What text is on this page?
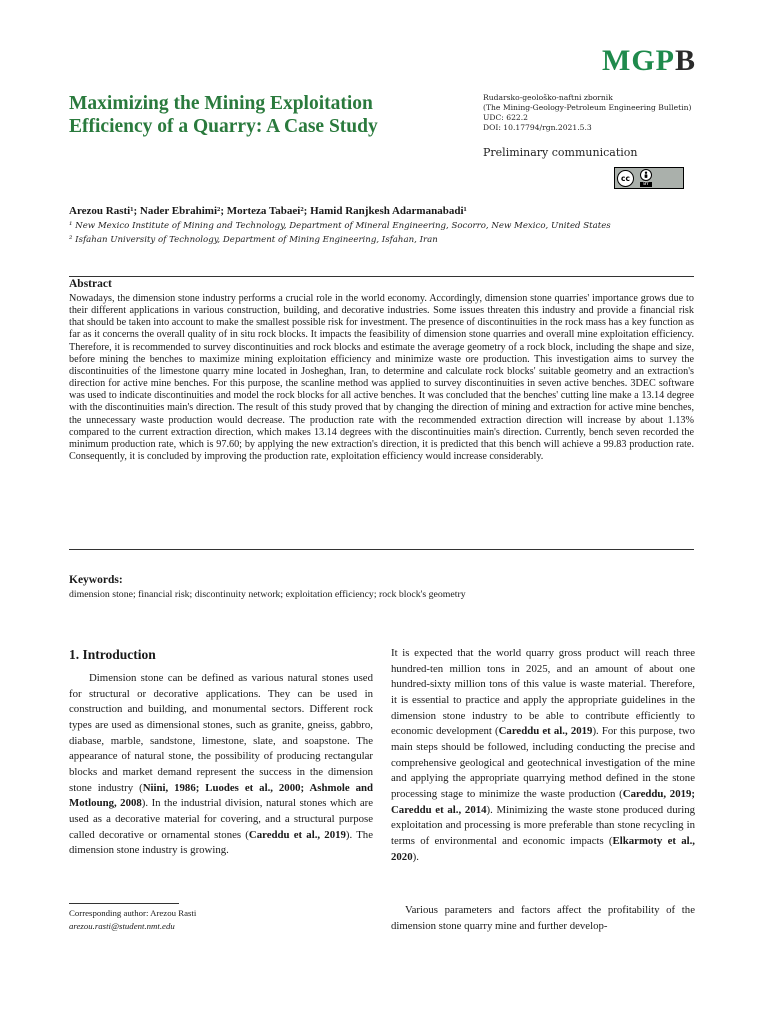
MGPB
Maximizing the Mining Exploitation
Efficiency of a Quarry: A Case Study
Rudarsko-geološko-naftni zbornik
(The Mining-Geology-Petroleum Engineering Bulletin)
UDC: 622.2
DOI: 10.17794/rgn.2021.5.3
Preliminary communication
cc
BY
Arezou Rasti¹; Nader Ebrahimi²; Morteza Tabaei²; Hamid Ranjkesh Adarmanabadi¹
¹ New Mexico Institute of Mining and Technology, Department of Mineral Engineering, Socorro, New Mexico, United States
² Isfahan University of Technology, Department of Mining Engineering, Isfahan, Iran
Abstract

Nowadays, the dimension stone industry performs a crucial role in the world economy. Accordingly, dimension stone quarries' importance grows due to their different applications in various construction, building, and decorative industries. Some issues threaten this industry and provide a financial risk that should be taken into account to make the smallest possible risk for investment. The presence of discontinuities in the rock mass has a key function as far as it concerns the overall quality of in situ rock blocks. It impacts the feasibility of dimension stone quarries and overall mine exploitation efficiency. Therefore, it is recommended to survey discontinuities and rock blocks and estimate the average geometry of a rock block, including the shape and size, before mining the benches to maximize mining exploitation efficiency and minimize waste ore production. This investigation aims to survey the discontinuities of the limestone quarry mine located in Josheghan, Iran, to determine and calculate rock blocks' suitable geometry and an extraction's direction for active mine benches. For this purpose, the scanline method was applied to survey discontinuities in seven active benches. 3DEC software was used to indicate discontinuities and model the rock blocks for all active benches. It was concluded that the benches' cutting line make a 13.14 degree with the discontinuities main's direction. The result of this study proved that by changing the direction of mining and extraction for active mine benches, the unnecessary waste production would decrease. The production rate with the recommended extraction direction will increase by about 1.13% compared to the current extraction direction, which makes 13.14 degrees with the discontinuities main's direction. Currently, bench seven recorded the minimum production rate, which is 97.60; by applying the new extraction's direction, it is predicted that this bench will achieve a 99.83 production rate. Consequently, it is concluded by improving the production rate, exploitation efficiency would increase considerably.

Keywords:
dimension stone; financial risk; discontinuity network; exploitation efficiency; rock block's geometry
1. Introduction

Dimension stone can be defined as various natural stones used for structural or decorative applications. They can be used in construction and building, and monumental sectors. Different rock types are used as dimensional stones, such as granite, gneiss, gabbro, diabase, marble, sandstone, limestone, slate, and soapstone. The appearance of natural stone, the possibility of producing rectangular blocks and market demand represent the success in the dimension stone industry (Niini, 1986; Luodes et al., 2000; Ashmole and Motloung, 2008). In the industrial division, natural stones which are used as a decorative material for covering, and a structural purpose called decorative or ornamental stones (Careddu et al., 2019). The dimension stone industry is growing.

It is expected that the world quarry gross product will reach three hundred-ten million tons in 2025, and an amount of about one hundred-sixty million tons of this value is waste material. Therefore, it is essential to practice and apply the appropriate guidelines in the dimension stone industry to be able to contribute efficiently to economic development (Careddu et al., 2019). For this purpose, two main steps should be followed, including conducting the precise and comprehensive geological and geotechnical investigation of the mine and applying the appropriate quarrying method defined in the stone processing stage to minimize the waste production (Careddu, 2019; Careddu et al., 2014). Minimizing the waste stone produced during exploitation and processing is more preferable than stone recycling in terms of environmental and economic impacts (Elkarmoty et al., 2020).

Various parameters and factors affect the profitability of the dimension stone quarry mine and further develop-

Corresponding author: Arezou Rasti
arezou.rasti@student.nmt.edu
